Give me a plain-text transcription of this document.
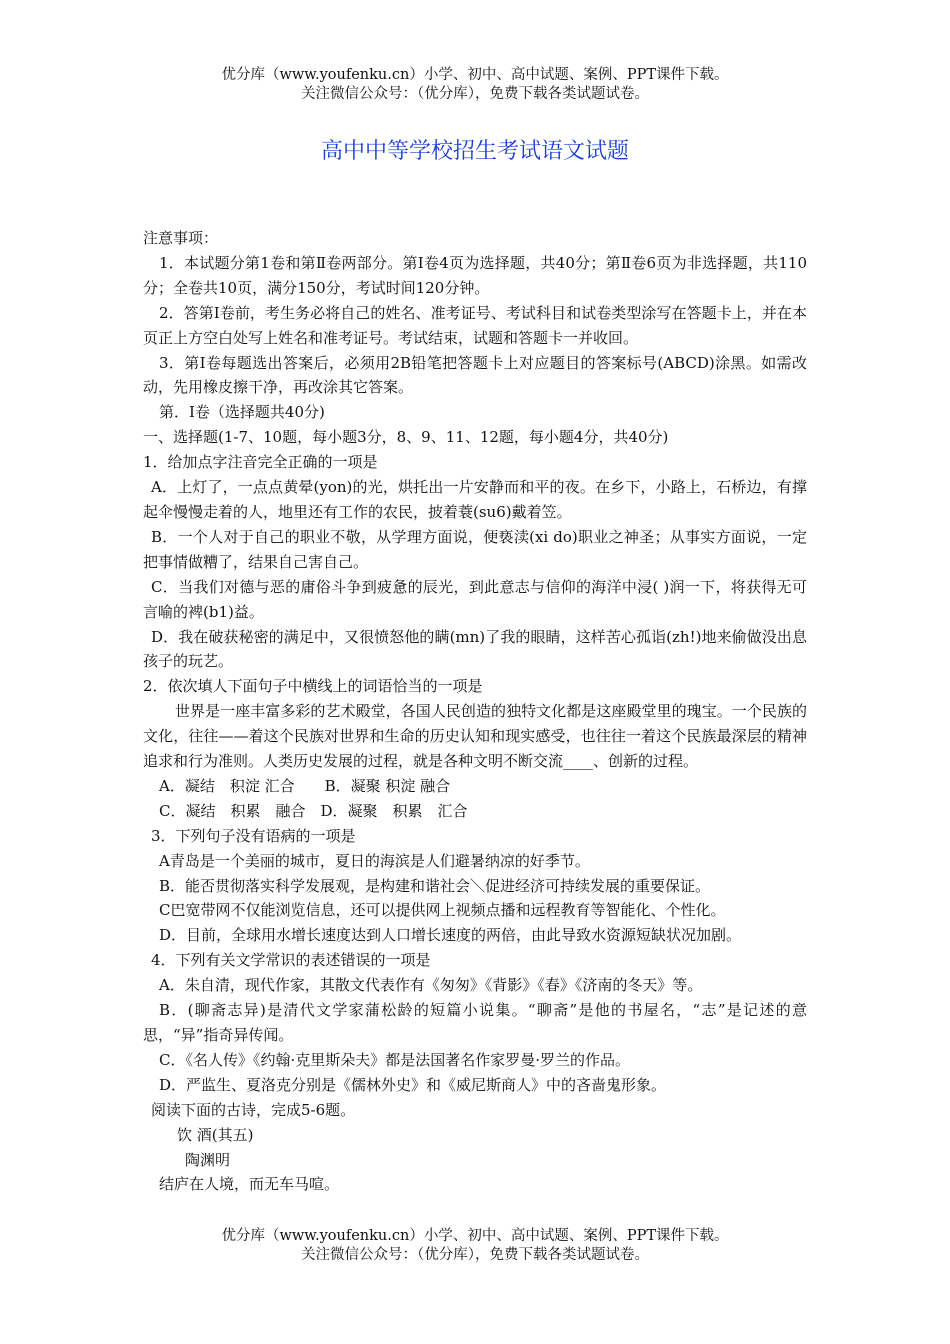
优分库（www.youfenku.cn）小学、初中、高中试题、案例、PPT课件下载。
关注微信公众号：（优分库），免费下载各类试题试卷。
高中中等学校招生考试语文试题

注意事项：

1．本试题分第1卷和第Ⅱ卷两部分。第I卷4页为选择题，共40分；第Ⅱ卷6页为非选择题，共110分；全卷共10页，满分150分，考试时间120分钟。

2．答第I卷前，考生务必将自己的姓名、准考证号、考试科目和试卷类型涂写在答题卡上，并在本页正上方空白处写上姓名和准考证号。考试结束，试题和答题卡一并收回。

3．第I卷每题选出答案后，必须用2B铅笔把答题卡上对应题目的答案标号(ABCD)涂黑。如需改动，先用橡皮擦干净，再改涂其它答案。

第．I卷（选择题共40分)

一、选择题(1-7、10题，每小题3分，8、9、11、12题，每小题4分，共40分)

1．给加点字注音完全正确的一项是

A．上灯了，一点点黄晕(yon)的光，烘托出一片安静而和平的夜。在乡下，小路上，石桥边，有撑起伞慢慢走着的人，地里还有工作的农民，披着蓑(su6)戴着笠。

B．一个人对于自己的职业不敬，从学理方面说，便亵渎(xi do)职业之神圣；从事实方面说，一定把事情做糟了，结果自己害自己。

C．当我们对德与恶的庸俗斗争到疲惫的辰光，到此意志与信仰的海洋中浸( )润一下，将获得无可言喻的裨(b1)益。

D．我在破获秘密的满足中，又很愤怒他的瞒(mn)了我的眼睛，这样苦心孤诣(zh!)地来偷做没出息孩子的玩艺。

2．依次填人下面句子中横线上的词语恰当的一项是

世界是一座丰富多彩的艺术殿堂，各国人民创造的独特文化都是这座殿堂里的瑰宝。一个民族的文化，往往——着这个民族对世界和生命的历史认知和现实感受，也往往一着这个民族最深层的精神追求和行为准则。人类历史发展的过程，就是各种文明不断交流____、创新的过程。

A．凝结　积淀 汇合　　B．凝聚 积淀 融合

C．凝结　积累　融合　D．凝聚　积累　汇合

3．下列句子没有语病的一项是

A青岛是一个美丽的城市，夏日的海滨是人们避暑纳凉的好季节。

B．能否贯彻落实科学发展观，是构建和谐社会＼促进经济可持续发展的重要保证。

C巴宽带网不仅能浏览信息，还可以提供网上视频点播和远程教育等智能化、个性化。

D．目前，全球用水增长速度达到人口增长速度的两倍，由此导致水资源短缺状况加剧。

4．下列有关文学常识的表述错误的一项是

A．朱自清，现代作家，其散文代表作有《匆匆》《背影》《春》《济南的冬天》等。

B．(聊斋志异)是清代文学家蒲松龄的短篇小说集。“聊斋”是他的书屋名，“志”是记述的意思，“异”指奇异传闻。

C．《名人传》《约翰·克里斯朵夫》都是法国著名作家罗曼·罗兰的作品。

D．严监生、夏洛克分别是《儒林外史》和《威尼斯商人》中的吝啬鬼形象。

阅读下面的古诗，完成5-6题。

饮 酒(其五)

陶渊明

结庐在人境，而无车马喧。

优分库（www.youfenku.cn）小学、初中、高中试题、案例、PPT课件下载。
关注微信公众号：（优分库），免费下载各类试题试卷。
